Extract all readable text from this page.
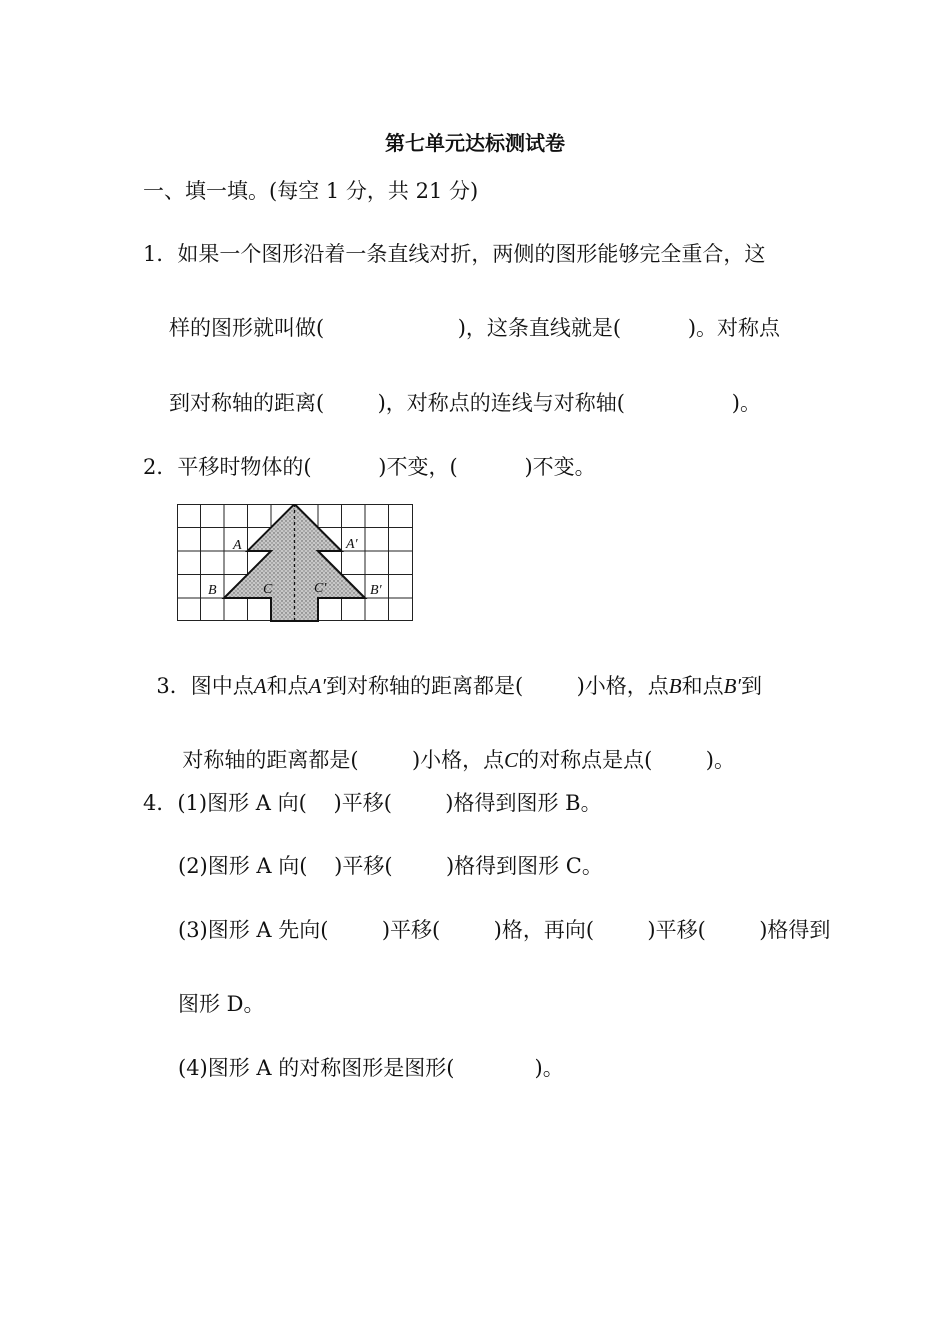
第七单元达标测试卷
一、填一填。(每空 1 分，共 21 分)
1．如果一个图形沿着一条直线对折，两侧的图形能够完全重合，这
样的图形就叫做(                    )，这条直线就是(          )。对称点
到对称轴的距离(        )，对称点的连线与对称轴(                )。
2．平移时物体的(          )不变，(          )不变。
A	A′
B	B′
C	C′

3．图中点A和点A′到对称轴的距离都是(        )小格，点B和点B′到

对称轴的距离都是(        )小格，点C的对称点是点(        )。

4．(1)图形 A 向(    )平移(        )格得到图形 B。
(2)图形 A 向(    )平移(        )格得到图形 C。
(3)图形 A 先向(        )平移(        )格，再向(        )平移(        )格得到
图形 D。
(4)图形 A 的对称图形是图形(            )。
